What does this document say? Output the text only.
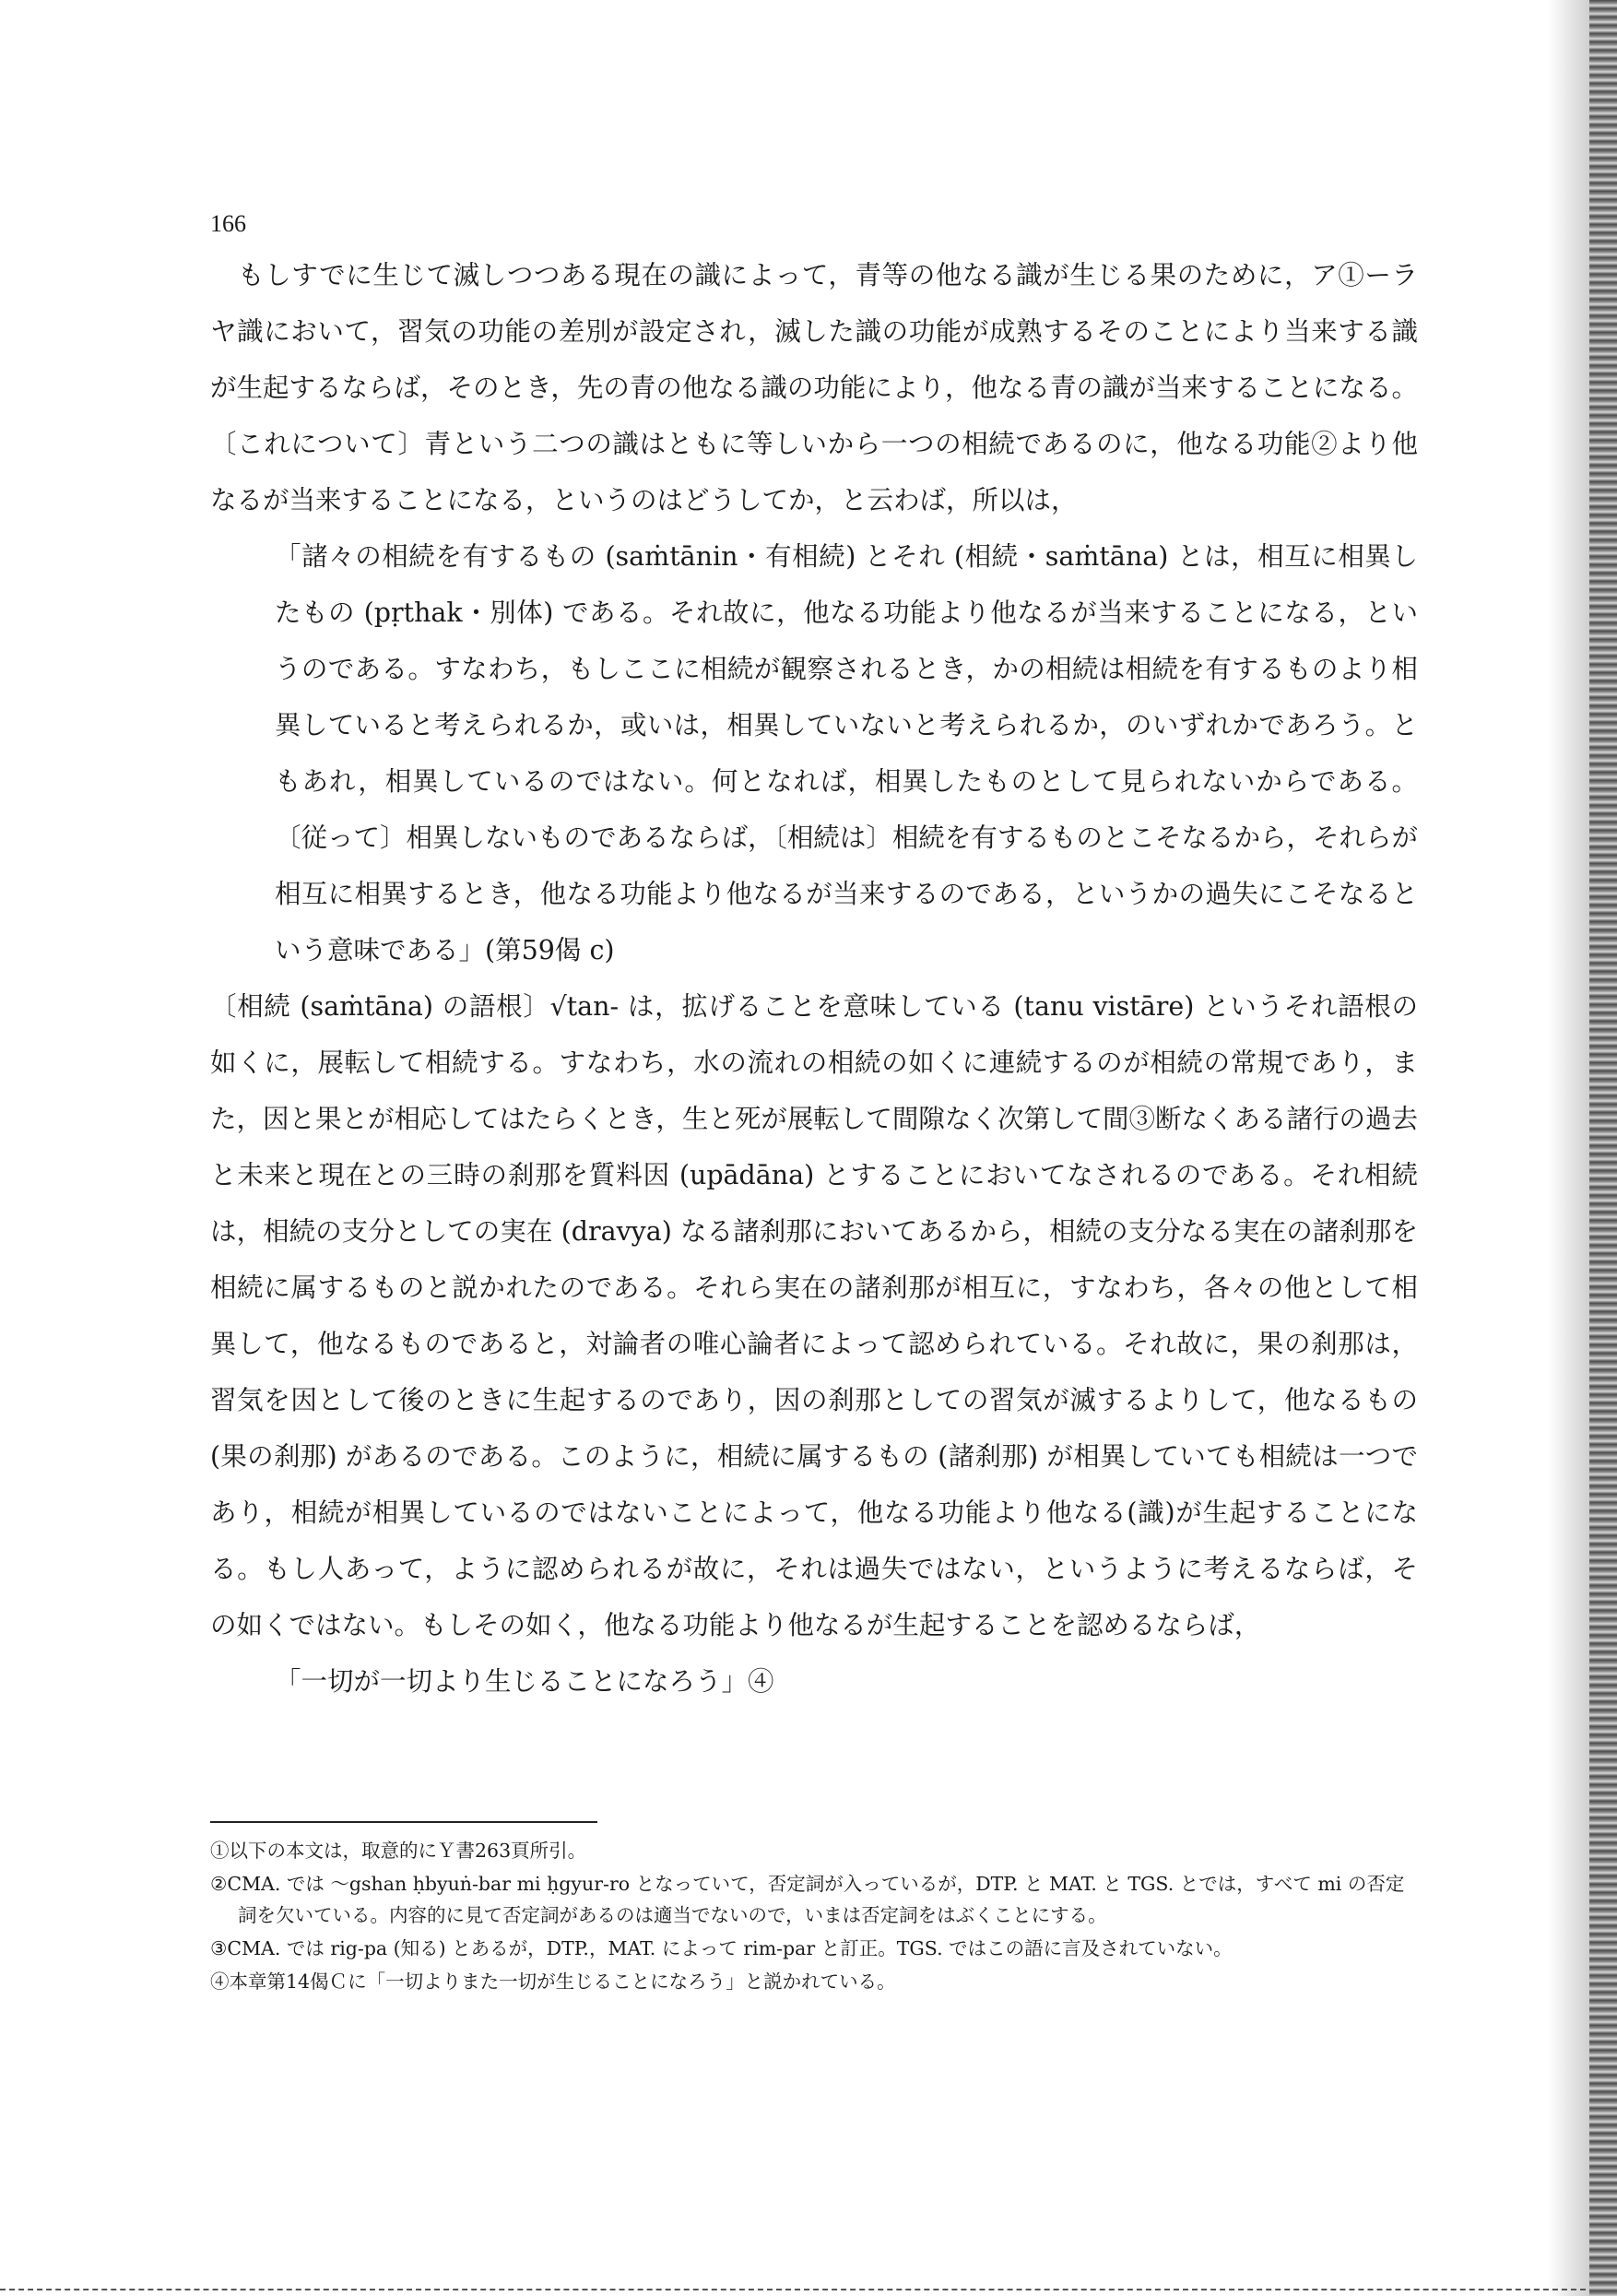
166

もしすでに生じて滅しつつある現在の識によって，青等の他なる識が生じる果のために，ア①ーラヤ識において，習気の功能の差別が設定され，滅した識の功能が成熟するそのことにより当来する識が生起するならば，そのとき，先の青の他なる識の功能により，他なる青の識が当来することになる。〔これについて〕青という二つの識はともに等しいから一つの相続であるのに，他なる功能②より他なるが当来することになる，というのはどうしてか，と云わば，所以は，

「諸々の相続を有するもの (saṁtānin・有相続) とそれ (相続・saṁtāna) とは，相互に相異したもの (pṛthak・別体) である。それ故に，他なる功能より他なるが当来することになる，というのである。すなわち，もしここに相続が観察されるとき，かの相続は相続を有するものより相異していると考えられるか，或いは，相異していないと考えられるか，のいずれかであろう。ともあれ，相異しているのではない。何となれば，相異したものとして見られないからである。〔従って〕相異しないものであるならば，〔相続は〕相続を有するものとこそなるから，それらが相互に相異するとき，他なる功能より他なるが当来するのである，というかの過失にこそなるという意味である」(第59偈 c)

〔相続 (saṁtāna) の語根〕√tan- は，拡げることを意味している (tanu vistāre) というそれ語根の如くに，展転して相続する。すなわち，水の流れの相続の如くに連続するのが相続の常規であり，また，因と果とが相応してはたらくとき，生と死が展転して間隙なく次第して間③断なくある諸行の過去と未来と現在との三時の刹那を質料因 (upādāna) とすることにおいてなされるのである。それ相続は，相続の支分としての実在 (dravya) なる諸刹那においてあるから，相続の支分なる実在の諸刹那を相続に属するものと説かれたのである。それら実在の諸刹那が相互に，すなわち，各々の他として相異して，他なるものであると，対論者の唯心論者によって認められている。それ故に，果の刹那は，習気を因として後のときに生起するのであり，因の刹那としての習気が滅するよりして，他なるもの (果の刹那) があるのである。このように，相続に属するもの (諸刹那) が相異していても相続は一つであり，相続が相異しているのではないことによって，他なる功能より他なる(識)が生起することになる。もし人あって，ように認められるが故に，それは過失ではない，というように考えるならば，その如くではない。もしその如く，他なる功能より他なるが生起することを認めるならば，

「一切が一切より生じることになろう」④

①以下の本文は，取意的にＹ書263頁所引。

②CMA. では ～gshan ḥbyuṅ-bar mi ḥgyur-ro となっていて，否定詞が入っているが，DTP. と MAT. と TGS. とでは，すべて mi の否定詞を欠いている。内容的に見て否定詞があるのは適当でないので，いまは否定詞をはぶくことにする。

③CMA. では rig-pa (知る) とあるが，DTP.，MAT. によって rim-par と訂正。TGS. ではこの語に言及されていない。

④本章第14偈Ｃに「一切よりまた一切が生じることになろう」と説かれている。
